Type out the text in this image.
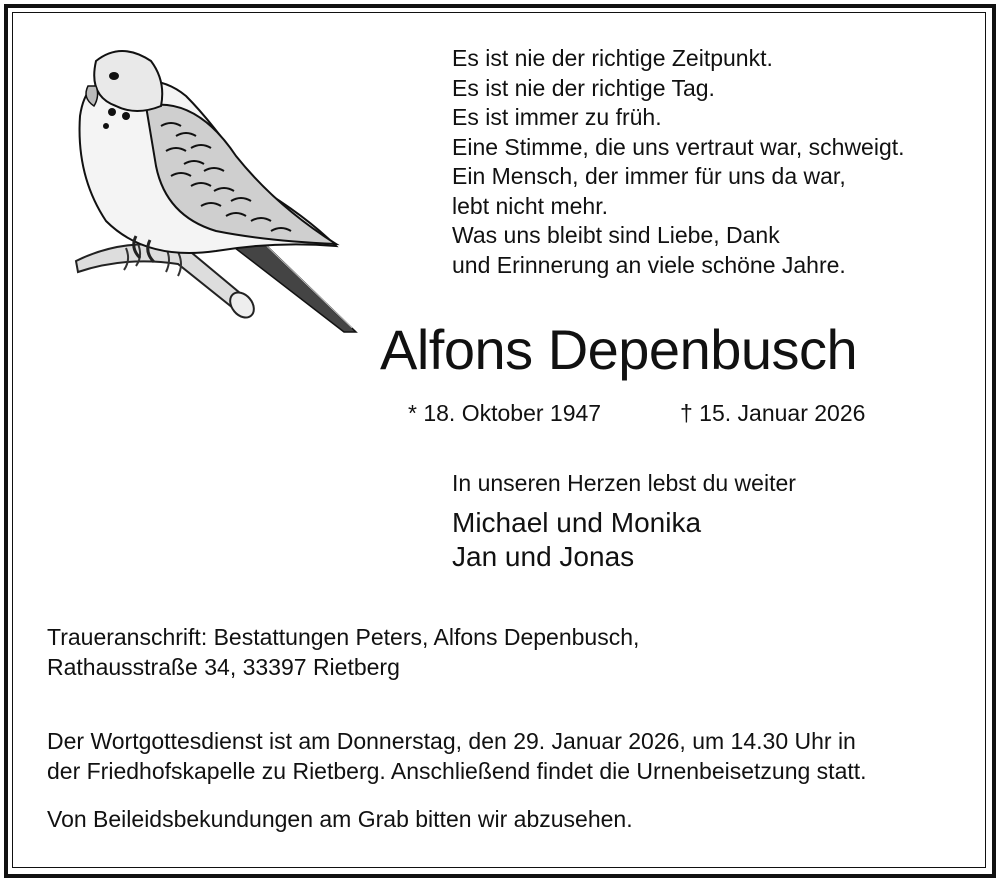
Es ist nie der richtige Zeitpunkt.
Es ist nie der richtige Tag.
Es ist immer zu früh.
Eine Stimme, die uns vertraut war, schweigt.
Ein Mensch, der immer für uns da war,
lebt nicht mehr.
Was uns bleibt sind Liebe, Dank
und Erinnerung an viele schöne Jahre.
Alfons Depenbusch
* 18. Oktober 1947	† 15. Januar 2026
In unseren Herzen lebst du weiter
Michael und Monika
Jan und Jonas
Traueranschrift: Bestattungen Peters, Alfons Depenbusch,
Rathausstraße 34, 33397 Rietberg
Der Wortgottesdienst ist am Donnerstag, den 29. Januar 2026, um 14.30 Uhr in
der Friedhofskapelle zu Rietberg. Anschließend findet die Urnenbeisetzung statt.
Von Beileidsbekundungen am Grab bitten wir abzusehen.
